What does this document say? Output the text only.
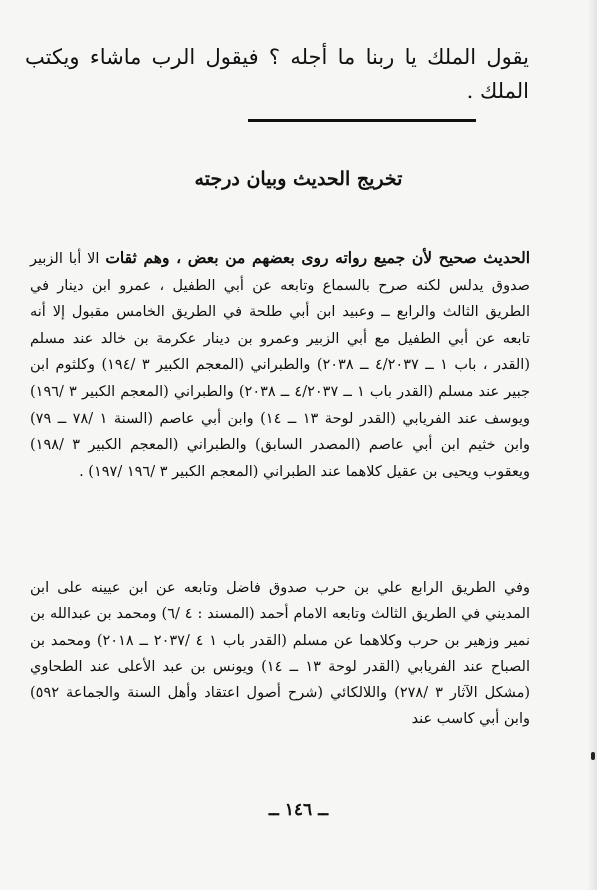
يقول الملك يا ربنا ما أجله ؟ فيقول الرب ماشاء ويكتب الملك .
تخريج الحديث وبيان درجته
الحديث صحيح لأن جميع رواته روى بعضهم من بعض ، وهم ثقات الا أبا الزبير صدوق يدلس لكنه صرح بالسماع وتابعه عن أبي الطفيل ، عمرو ابن دينار في الطريق الثالث والرابع ــ وعبيد ابن أبي طلحة في الطريق الخامس مقبول إلا أنه تابعه عن أبي الطفيل مع أبي الزبير وعمرو بن دينار عكرمة بن خالد عند مسلم (القدر ، باب ١ ــ ٤/٢٠٣٧ ــ ٢٠٣٨) والطبراني (المعجم الكبير ٣ /١٩٤) وكلثوم ابن جبير عند مسلم (القدر باب ١ ــ ٤/٢٠٣٧ ــ ٢٠٣٨) والطبراني (المعجم الكبير ٣ /١٩٦) ويوسف عند الفريابي (القدر لوحة ١٣ ــ ١٤) وابن أبي عاصم (السنة ١ /٧٨ ــ ٧٩) وابن خثيم ابن أبي عاصم (المصدر السابق) والطبراني (المعجم الكبير ٣ /١٩٨) ويعقوب ويحيى بن عقيل كلاهما عند الطبراني (المعجم الكبير ٣ /١٩٦ /١٩٧) .
وفي الطريق الرابع علي بن حرب صدوق فاضل وتابعه عن ابن عيينه على ابن المديني في الطريق الثالث وتابعه الامام أحمد (المسند : ٤ /٦) ومحمد بن عبدالله بن نمير وزهير بن حرب وكلاهما عن مسلم (القدر باب ١ ٤ /٢٠٣٧ ــ ٢٠١٨) ومحمد بن الصباح عند الفريابي (القدر لوحة ١٣ ــ ١٤) ويونس بن عبد الأعلى عند الطحاوي (مشكل الآثار ٣ /٢٧٨) واللالكائي (شرح أصول اعتقاد وأهل السنة والجماعة ٥٩٢) وابن أبي كاسب عند
ــ ١٤٦ ــ
